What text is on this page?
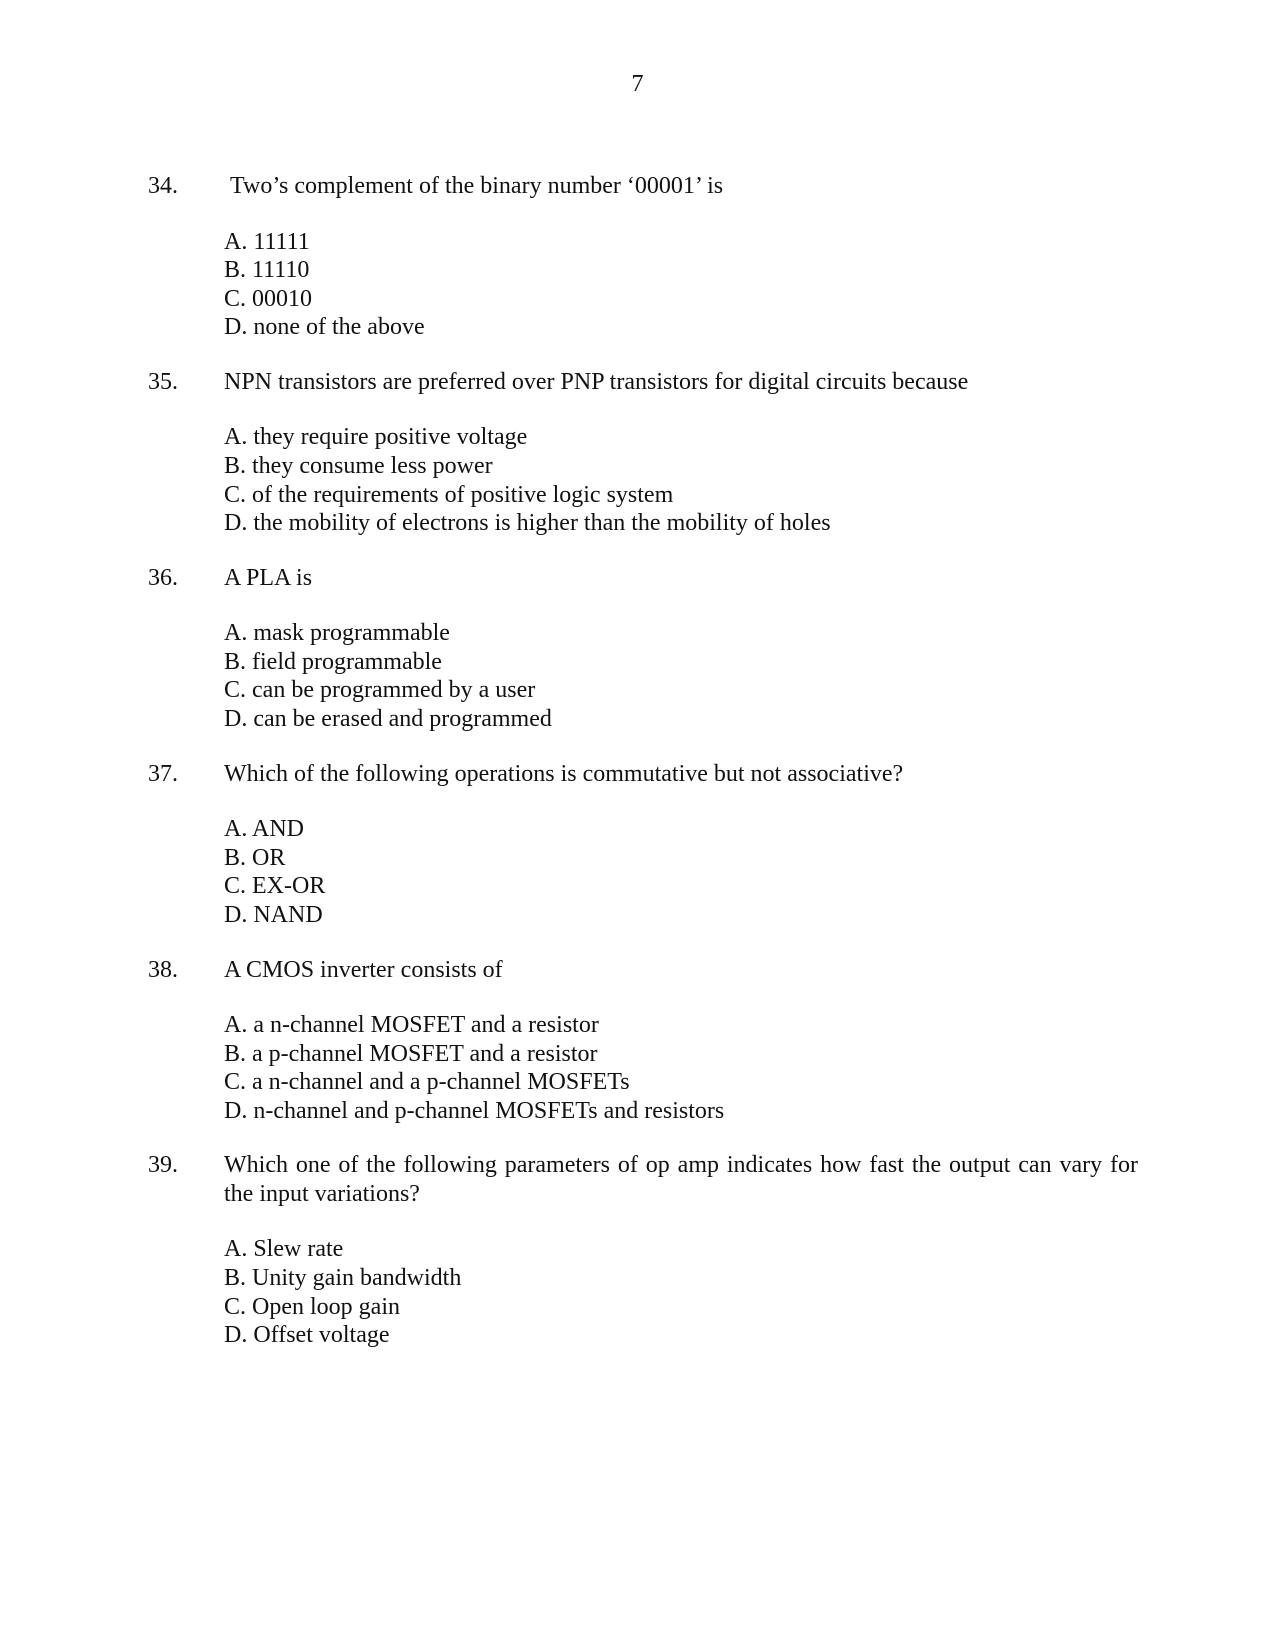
7
34. Two’s complement of the binary number ‘00001’ is
A. 11111
B. 11110
C. 00010
D. none of the above
35. NPN transistors are preferred over PNP transistors for digital circuits because
A. they require positive voltage
B. they consume less power
C. of the requirements of positive logic system
D. the mobility of electrons is higher than the mobility of holes
36. A PLA is
A. mask programmable
B. field programmable
C. can be programmed by a user
D. can be erased and programmed
37. Which of the following operations is commutative but not associative?
A. AND
B. OR
C. EX-OR
D. NAND
38. A CMOS inverter consists of
A. a n-channel MOSFET and a resistor
B. a p-channel MOSFET and a resistor
C. a n-channel and a p-channel MOSFETs
D. n-channel and p-channel MOSFETs and resistors
39. Which one of the following parameters of op amp indicates how fast the output can vary for the input variations?
A. Slew rate
B. Unity gain bandwidth
C. Open loop gain
D. Offset voltage
